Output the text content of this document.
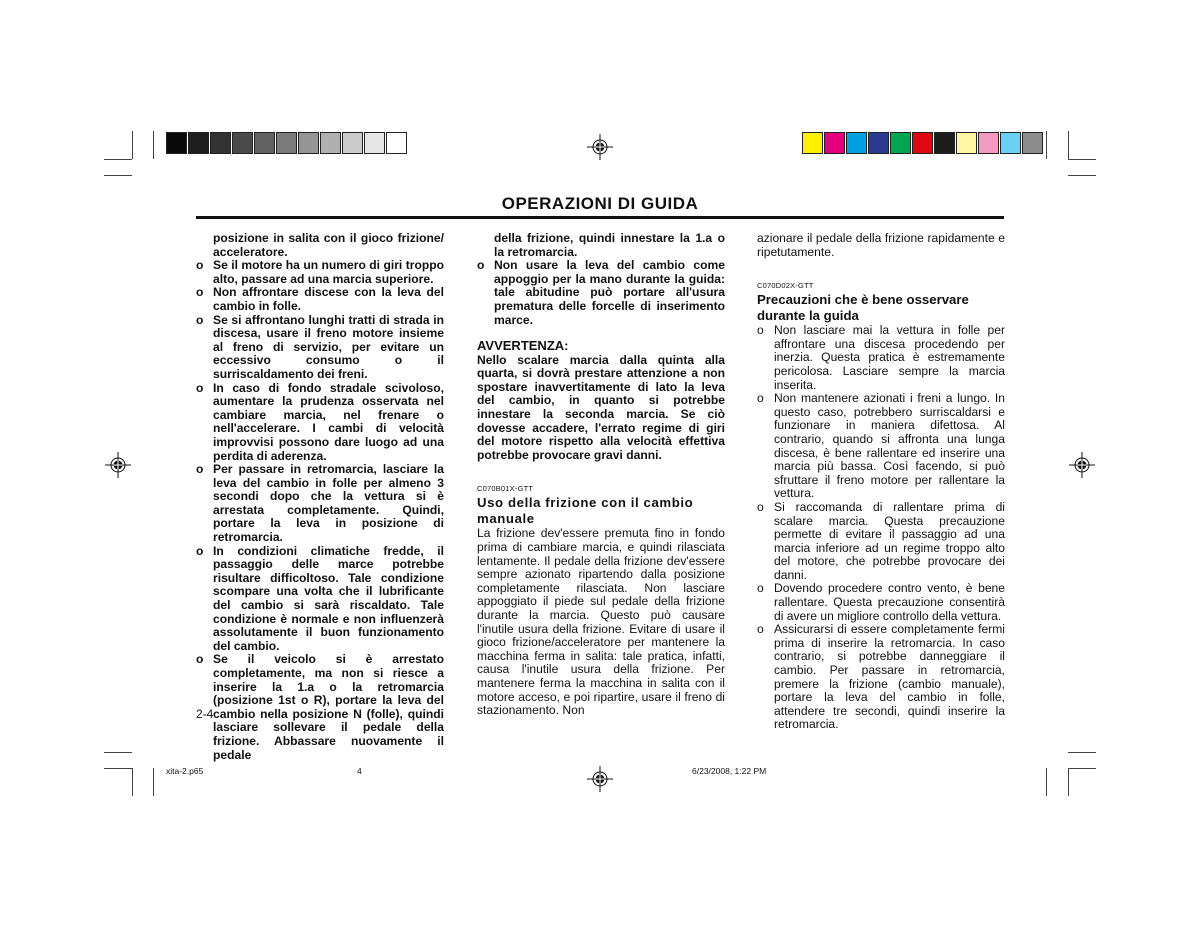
OPERAZIONI DI GUIDA
posizione in salita con il gioco frizione/ acceleratore.
o Se il motore ha un numero di giri troppo alto, passare ad una marcia superiore.
o Non affrontare discese con la leva del cambio in folle.
o Se si affrontano lunghi tratti di strada in discesa, usare il freno motore insieme al freno di servizio, per evitare un eccessivo consumo o il surriscaldamento dei freni.
o In caso di fondo stradale scivoloso, aumentare la prudenza osservata nel cambiare marcia, nel frenare o nell'accelerare. I cambi di velocità improvvisi possono dare luogo ad una perdita di aderenza.
o Per passare in retromarcia, lasciare la leva del cambio in folle per almeno 3 secondi dopo che la vettura si è arrestata completamente. Quindi, portare la leva in posizione di retromarcia.
o In condizioni climatiche fredde, il passaggio delle marce potrebbe risultare difficoltoso. Tale condizione scompare una volta che il lubrificante del cambio si sarà riscaldato. Tale condizione è normale e non influenzerà assolutamente il buon funzionamento del cambio.
o Se il veicolo si è arrestato completamente, ma non si riesce a inserire la 1.a o la retromarcia (posizione 1st o R), portare la leva del cambio nella posizione N (folle), quindi lasciare sollevare il pedale della frizione. Abbassare nuovamente il pedale
della frizione, quindi innestare la 1.a o la retromarcia.
o Non usare la leva del cambio come appoggio per la mano durante la guida: tale abitudine può portare all'usura prematura delle forcelle di inserimento marce.
AVVERTENZA:
Nello scalare marcia dalla quinta alla quarta, si dovrà prestare attenzione a non spostare inavvertitamente di lato la leva del cambio, in quanto si potrebbe innestare la seconda marcia. Se ciò dovesse accadere, l'errato regime di giri del motore rispetto alla velocità effettiva potrebbe provocare gravi danni.
C070B01X-GTT
Uso della frizione con il cambio manuale
La frizione dev'essere premuta fino in fondo prima di cambiare marcia, e quindi rilasciata lentamente. Il pedale della frizione dev'essere sempre azionato ripartendo dalla posizione completamente rilasciata. Non lasciare appoggiato il piede sul pedale della frizione durante la marcia. Questo può causare l'inutile usura della frizione. Evitare di usare il gioco frizione/acceleratore per mantenere la macchina ferma in salita: tale pratica, infatti, causa l'inutile usura della frizione. Per mantenere ferma la macchina in salita con il motore acceso, e poi ripartire, usare il freno di stazionamento. Non
azionare il pedale della frizione rapidamente e ripetutamente.
C070D02X-GTT
Precauzioni che è bene osservare durante la guida
o Non lasciare mai la vettura in folle per affrontare una discesa procedendo per inerzia. Questa pratica è estremamente pericolosa. Lasciare sempre la marcia inserita.
o Non mantenere azionati i freni a lungo. In questo caso, potrebbero surriscaldarsi e funzionare in maniera difettosa. Al contrario, quando si affronta una lunga discesa, è bene rallentare ed inserire una marcia più bassa. Così facendo, si può sfruttare il freno motore per rallentare la vettura.
o Si raccomanda di rallentare prima di scalare marcia. Questa precauzione permette di evitare il passaggio ad una marcia inferiore ad un regime troppo alto del motore, che potrebbe provocare dei danni.
o Dovendo procedere contro vento, è bene rallentare. Questa precauzione consentirà di avere un migliore controllo della vettura.
o Assicurarsi di essere completamente fermi prima di inserire la retromarcia. In caso contrario, si potrebbe danneggiare il cambio. Per passare in retromarcia, premere la frizione (cambio manuale), portare la leva del cambio in folle, attendere tre secondi, quindi inserire la retromarcia.
2-4
xita-2.p65	4	6/23/2008, 1:22 PM
